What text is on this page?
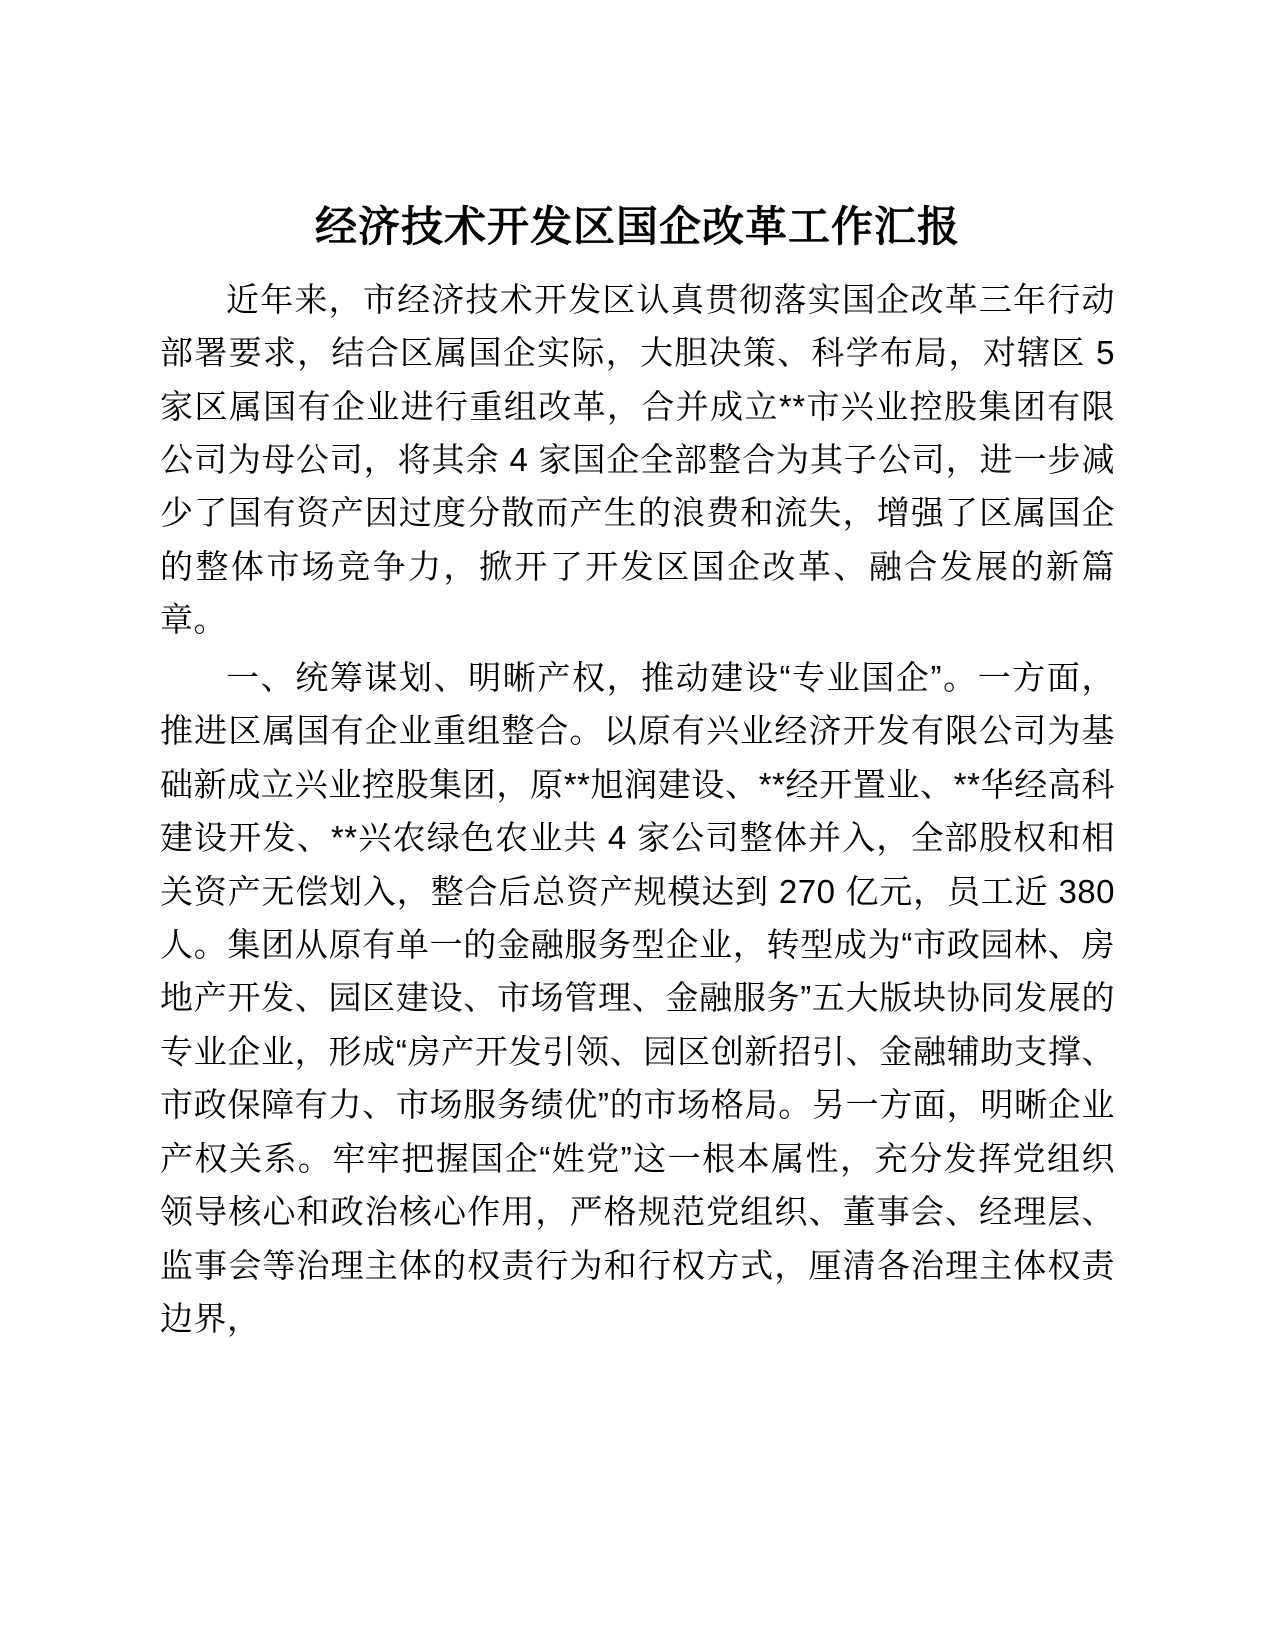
经济技术开发区国企改革工作汇报

近年来，市经济技术开发区认真贯彻落实国企改革三年行动部署要求，结合区属国企实际，大胆决策、科学布局，对辖区 5 家区属国有企业进行重组改革，合并成立**市兴业控股集团有限公司为母公司，将其余 4 家国企全部整合为其子公司，进一步减少了国有资产因过度分散而产生的浪费和流失，增强了区属国企的整体市场竞争力，掀开了开发区国企改革、融合发展的新篇章。

一、统筹谋划、明晰产权，推动建设“专业国企”。一方面，推进区属国有企业重组整合。以原有兴业经济开发有限公司为基础新成立兴业控股集团，原**旭润建设、**经开置业、**华经高科建设开发、**兴农绿色农业共 4 家公司整体并入，全部股权和相关资产无偿划入，整合后总资产规模达到 270 亿元，员工近 380 人。集团从原有单一的金融服务型企业，转型成为“市政园林、房地产开发、园区建设、市场管理、金融服务”五大版块协同发展的专业企业，形成“房产开发引领、园区创新招引、金融辅助支撑、市政保障有力、市场服务绩优”的市场格局。另一方面，明晰企业产权关系。牢牢把握国企“姓党”这一根本属性，充分发挥党组织领导核心和政治核心作用，严格规范党组织、董事会、经理层、监事会等治理主体的权责行为和行权方式，厘清各治理主体权责边界，
